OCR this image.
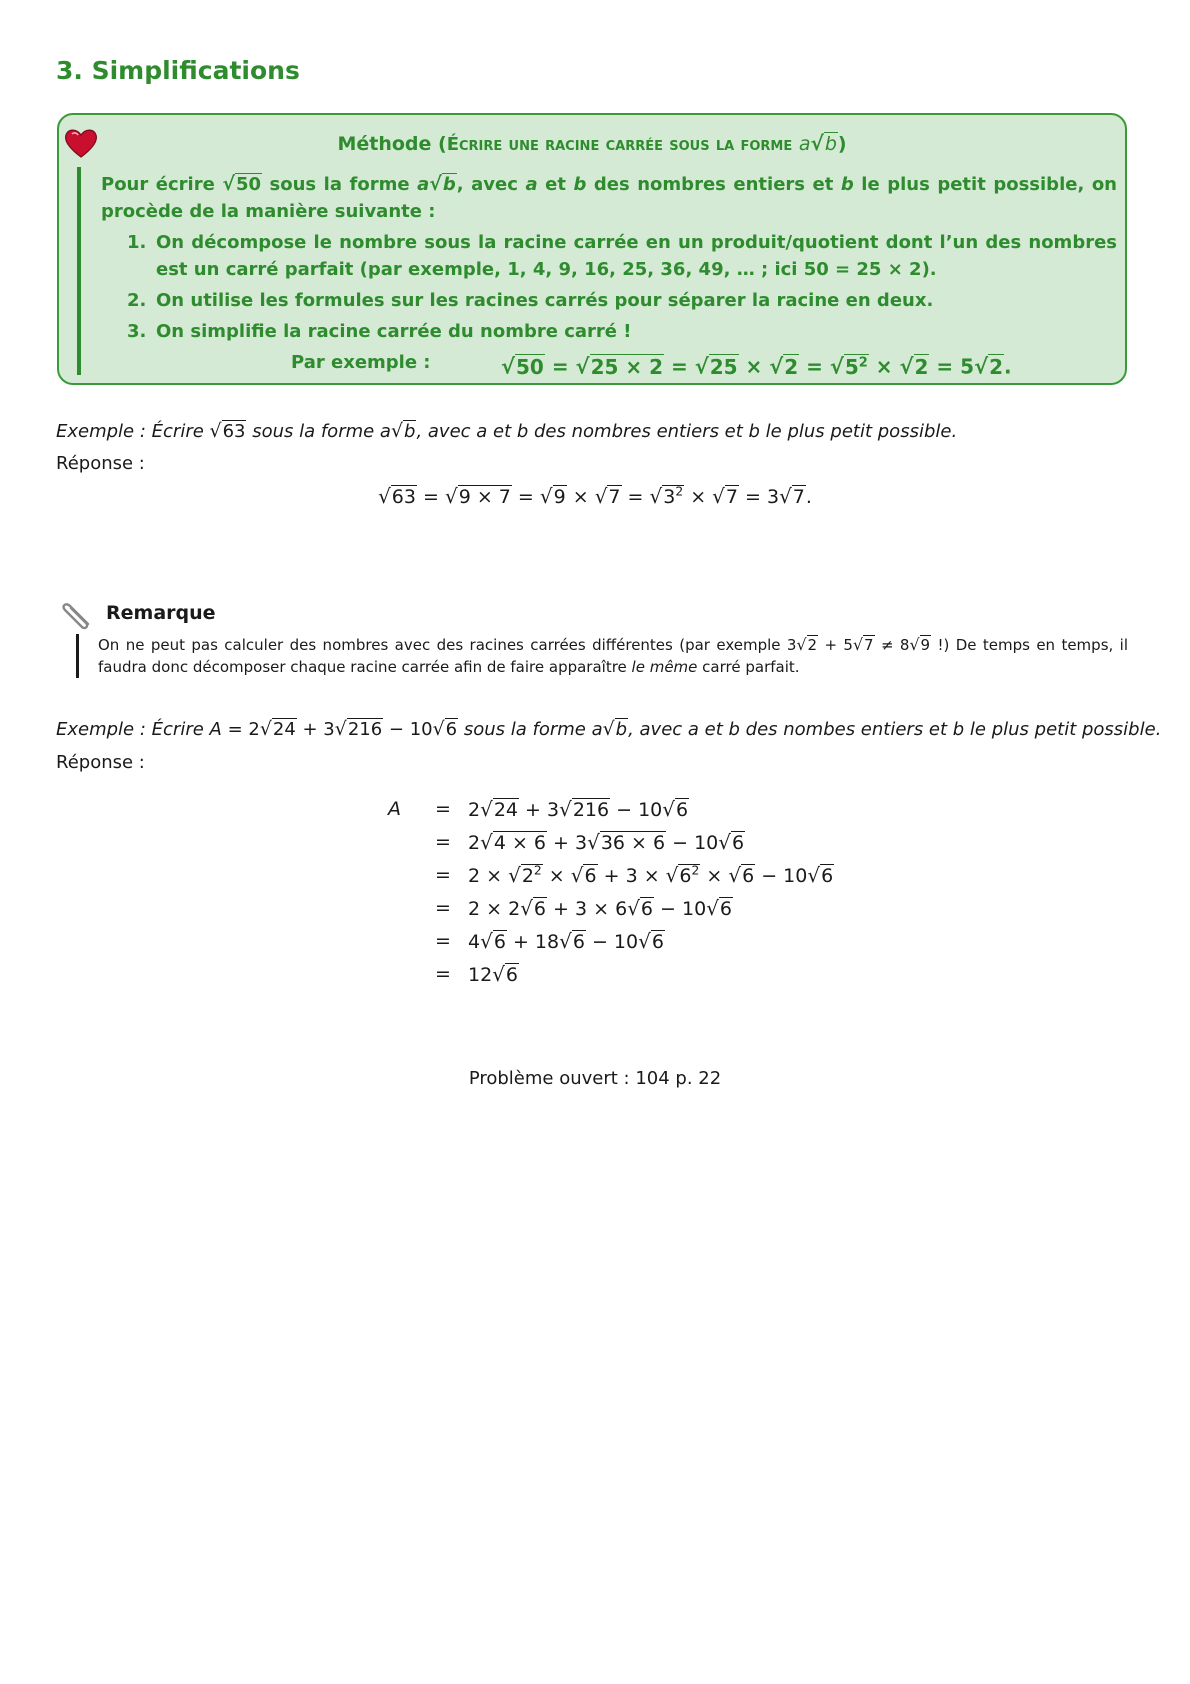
3. Simplifications
Méthode (Écrire une racine carrée sous la forme a√b)

Pour écrire √50 sous la forme a√b, avec a et b des nombres entiers et b le plus petit possible, on procède de la manière suivante :

1. On décompose le nombre sous la racine carrée en un produit/quotient dont l’un des nombres est un carré parfait (par exemple, 1, 4, 9, 16, 25, 36, 49, … ; ici 50 = 25 × 2).
2. On utilise les formules sur les racines carrés pour séparer la racine en deux.
3. On simplifie la racine carrée du nombre carré !
Par exemple :	$√50 = √25 \times 2 = √25 \times √2 = √5^2 \times √2 = 5√2$.
Exemple : Écrire √63 sous la forme a√b, avec a et b des nombres entiers et b le plus petit possible.
Réponse :
$√63 = √9 \times 7 = √9 \times √7 = √3^2 \times √7 = 3√7$.
Remarque
On ne peut pas calculer des nombres avec des racines carrées différentes (par exemple 3√2 + 5√7 ≠ 8√9 !) De temps en temps, il faudra donc décomposer chaque racine carrée afin de faire apparaître le même carré parfait.
Exemple : Écrire A = 2√24 + 3√216 − 10√6 sous la forme a√b, avec a et b des nombes entiers et b le plus petit possible.
Réponse :
A	=	2√24 + 3√216 − 10√6
	=	2√4 × 6 + 3√36 × 6 − 10√6
	=	$2 \times √2^2 \times √6 + 3 \times √6^2 \times √6 - 10√6$
	=	2 × 2√6 + 3 × 6√6 − 10√6
	=	4√6 + 18√6 − 10√6
	=	12√6
Problème ouvert : 104 p. 22
